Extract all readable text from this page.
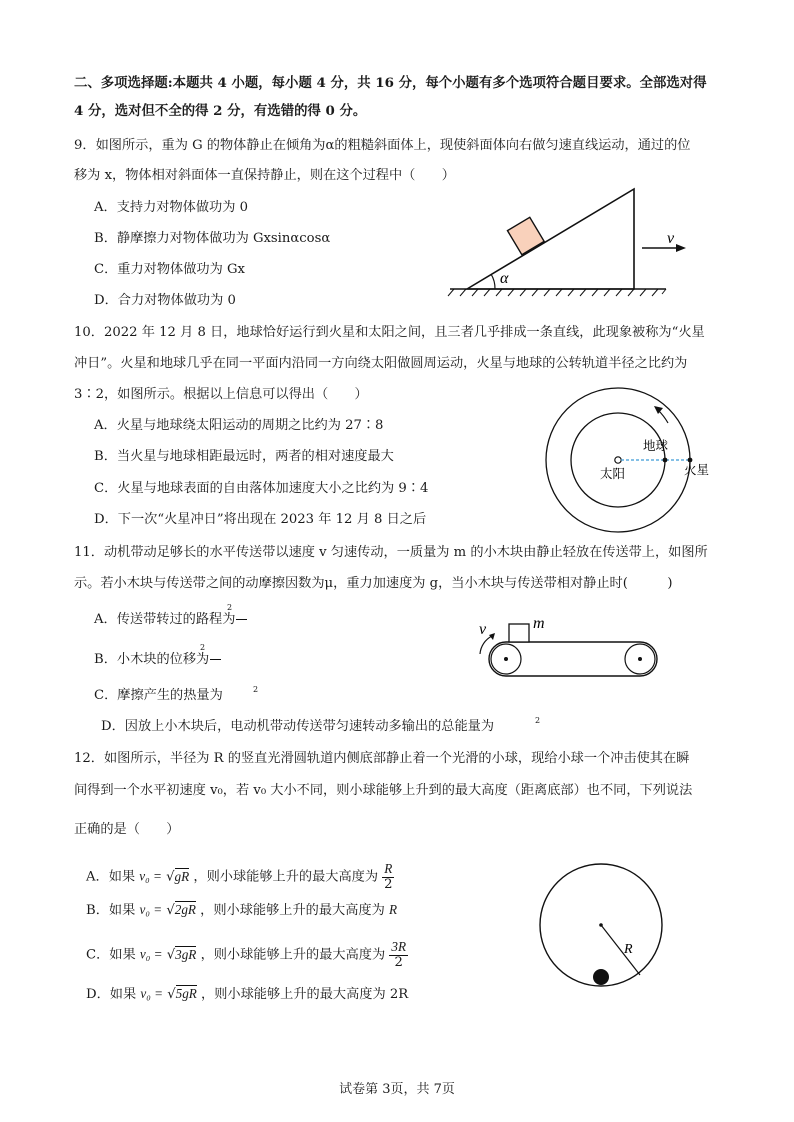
二、多项选择题:本题共 4 小题，每小题 4 分，共 16 分，每个小题有多个选项符合题目要求。全部选对得
4 分，选对但不全的得 2 分，有选错的得 0 分。
9．如图所示，重为 G 的物体静止在倾角为α的粗糙斜面体上，现使斜面体向右做匀速直线运动，通过的位
移为 x，物体相对斜面体一直保持静止，则在这个过程中（　　）
A．支持力对物体做功为 0
B．静摩擦力对物体做功为 Gxsinαcosα
C．重力对物体做功为 Gx
D．合力对物体做功为 0
α
v
10．2022 年 12 月 8 日，地球恰好运行到火星和太阳之间，且三者几乎排成一条直线，此现象被称为“火星
冲日”。火星和地球几乎在同一平面内沿同一方向绕太阳做圆周运动，火星与地球的公转轨道半径之比约为
3∶2，如图所示。根据以上信息可以得出（　　）
A．火星与地球绕太阳运动的周期之比约为 27∶8
B．当火星与地球相距最远时，两者的相对速度最大
C．火星与地球表面的自由落体加速度大小之比约为 9∶4
D．下一次“火星冲日”将出现在 2023 年 12 月 8 日之后
太阳
地球
火星
11．动机带动足够长的水平传送带以速度 v 匀速传动，一质量为 m 的小木块由静止轻放在传送带上，如图所
示。若小木块与传送带之间的动摩擦因数为μ，重力加速度为 g，当小木块与传送带相对静止时(　　　)
A．传送带转过的路程为
2
B．小木块的位移为
2
C．摩擦产生的热量为	2
D．因放上小木块后，电动机带动传送带匀速转动多输出的总能量为	2
v	m
12．如图所示，半径为 R 的竖直光滑圆轨道内侧底部静止着一个光滑的小球，现给小球一个冲击使其在瞬
间得到一个水平初速度 v₀，若 v₀ 大小不同，则小球能够上升到的最大高度（距离底部）也不同，下列说法
正确的是（　　）
A．如果 v₀ = √gR ，则小球能够上升的最大高度为 $\frac{R}{2}$
B．如果 v₀ = √2gR ，则小球能够上升的最大高度为 R
C．如果 v₀ = √3gR ，则小球能够上升的最大高度为 $\frac{3R}{2}$
D．如果 v₀ = √5gR ，则小球能够上升的最大高度为 2R
R
试卷第 3页，共 7页
